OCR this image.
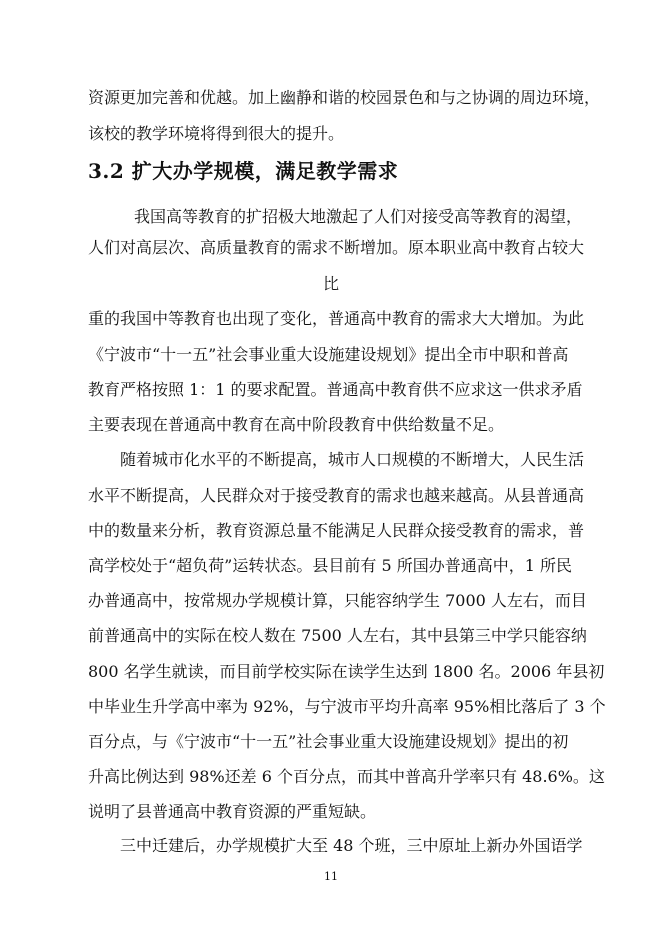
资源更加完善和优越。加上幽静和谐的校园景色和与之协调的周边环境，
该校的教学环境将得到很大的提升。
3.2 扩大办学规模，满足教学需求
我国高等教育的扩招极大地激起了人们对接受高等教育的渴望，
人们对高层次、高质量教育的需求不断增加。原本职业高中教育占较大
比
重的我国中等教育也出现了变化，普通高中教育的需求大大增加。为此
《宁波市“十一五”社会事业重大设施建设规划》提出全市中职和普高
教育严格按照 1：1 的要求配置。普通高中教育供不应求这一供求矛盾
主要表现在普通高中教育在高中阶段教育中供给数量不足。
随着城市化水平的不断提高，城市人口规模的不断增大，人民生活
水平不断提高，人民群众对于接受教育的需求也越来越高。从县普通高
中的数量来分析，教育资源总量不能满足人民群众接受教育的需求，普
高学校处于“超负荷”运转状态。县目前有 5 所国办普通高中，1 所民
办普通高中，按常规办学规模计算，只能容纳学生 7000 人左右，而目
前普通高中的实际在校人数在 7500 人左右，其中县第三中学只能容纳
800 名学生就读，而目前学校实际在读学生达到 1800 名。2006 年县初
中毕业生升学高中率为 92%，与宁波市平均升高率 95%相比落后了 3 个
百分点，与《宁波市“十一五”社会事业重大设施建设规划》提出的初
升高比例达到 98%还差 6 个百分点，而其中普高升学率只有 48.6%。这
说明了县普通高中教育资源的严重短缺。
三中迁建后，办学规模扩大至 48 个班，三中原址上新办外国语学
11
